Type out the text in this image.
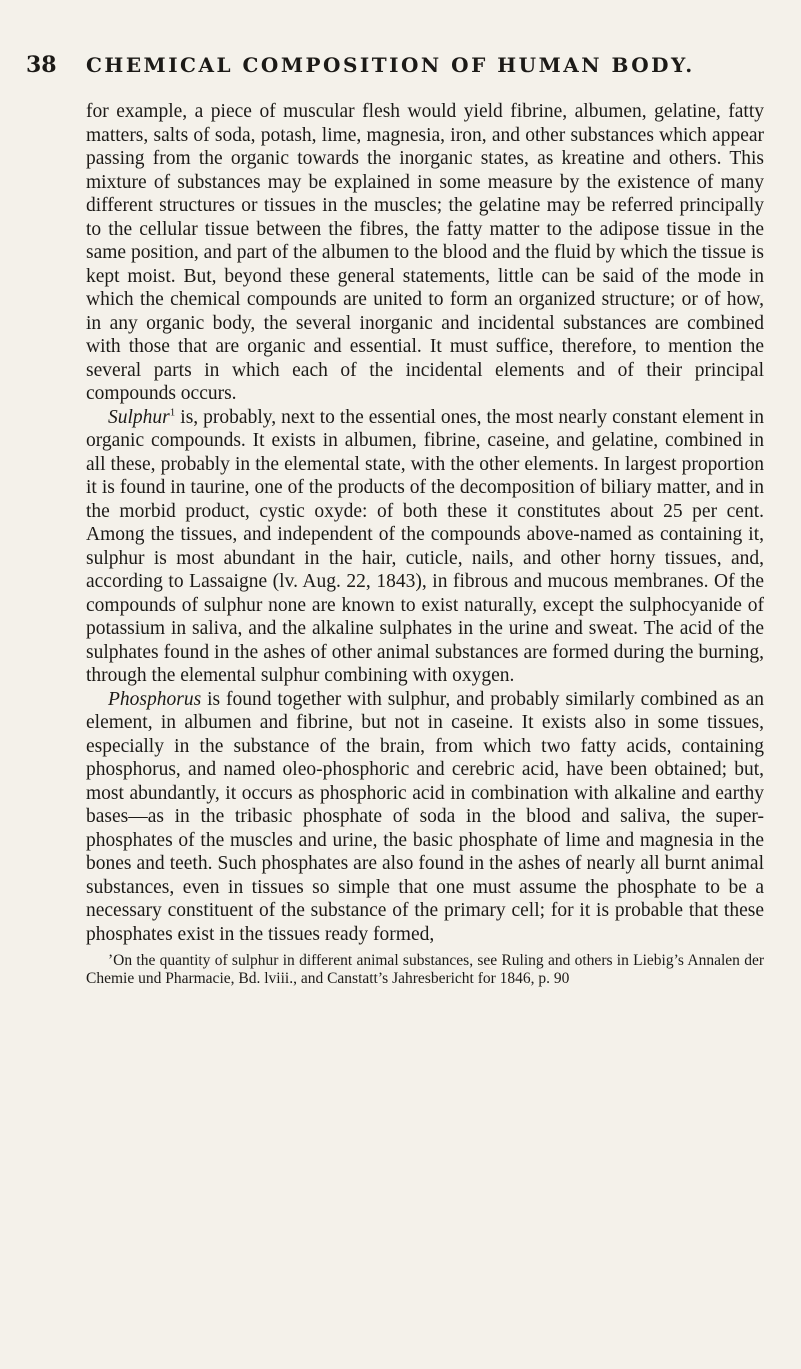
38	CHEMICAL COMPOSITION OF HUMAN BODY.

for example, a piece of muscular flesh would yield fibrine, albumen, gelatine, fatty matters, salts of soda, potash, lime, magnesia, iron, and other substances which appear passing from the organic towards the inorganic states, as kreatine and others. This mixture of substances may be explained in some measure by the existence of many different structures or tissues in the muscles; the gelatine may be referred principally to the cellular tissue between the fibres, the fatty matter to the adipose tissue in the same position, and part of the albumen to the blood and the fluid by which the tissue is kept moist. But, beyond these general statements, little can be said of the mode in which the chemical compounds are united to form an organized structure; or of how, in any organic body, the several inorganic and incidental substances are combined with those that are organic and essential. It must suffice, therefore, to mention the several parts in which each of the incidental elements and of their principal compounds occurs.

Sulphur$^1$ is, probably, next to the essential ones, the most nearly constant element in organic compounds. It exists in albumen, fibrine, caseine, and gelatine, combined in all these, probably in the elemental state, with the other elements. In largest proportion it is found in taurine, one of the products of the decomposition of biliary matter, and in the morbid product, cystic oxyde: of both these it constitutes about 25 per cent. Among the tissues, and independent of the compounds above-named as containing it, sulphur is most abundant in the hair, cuticle, nails, and other horny tissues, and, according to Lassaigne (lv. Aug. 22, 1843), in fibrous and mucous membranes. Of the compounds of sulphur none are known to exist naturally, except the sulphocyanide of potassium in saliva, and the alkaline sulphates in the urine and sweat. The acid of the sulphates found in the ashes of other animal substances are formed during the burning, through the elemental sulphur combining with oxygen.

Phosphorus is found together with sulphur, and probably similarly combined as an element, in albumen and fibrine, but not in caseine. It exists also in some tissues, especially in the substance of the brain, from which two fatty acids, containing phosphorus, and named oleo-phosphoric and cerebric acid, have been obtained; but, most abundantly, it occurs as phosphoric acid in combination with alkaline and earthy bases—as in the tribasic phosphate of soda in the blood and saliva, the super-phosphates of the muscles and urine, the basic phosphate of lime and magnesia in the bones and teeth. Such phosphates are also found in the ashes of nearly all burnt animal substances, even in tissues so simple that one must assume the phosphate to be a necessary constituent of the substance of the primary cell; for it is probable that these phosphates exist in the tissues ready formed,

’On the quantity of sulphur in different animal substances, see Ruling and others in Liebig’s Annalen der Chemie und Pharmacie, Bd. lviii., and Canstatt’s Jahresbericht for 1846, p. 90
